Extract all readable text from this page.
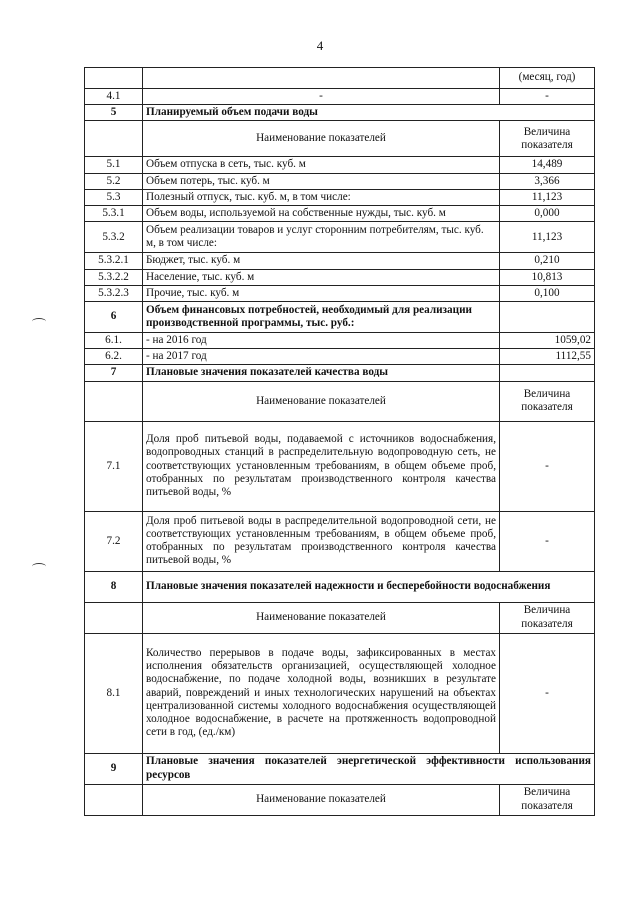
4
		(месяц, год)
4.1	-	-
5	Планируемый объем подачи воды	
	Наименование показателей	Величина
показателя

5.1	Объем отпуска в сеть, тыс. куб. м	14,489
5.2	Объем потерь, тыс. куб. м	3,366
5.3	Полезный отпуск, тыс. куб. м, в том числе:	11,123
5.3.1	Объем воды, используемой на собственные нужды, тыс. куб. м	0,000
5.3.2	Объем реализации товаров и услуг сторонним потребителям, тыс. куб. м, в том числе:	11,123
5.3.2.1	Бюджет, тыс. куб. м	0,210
5.3.2.2	Население, тыс. куб. м	10,813
5.3.2.3	Прочие, тыс. куб. м	0,100
6	Объем финансовых потребностей, необходимый для реализации производственной программы, тыс. руб.:	
6.1.	- на 2016 год	1059,02
6.2.	- на 2017 год	1112,55
7	Плановые значения показателей качества воды	
	Наименование показателей	Величина
показателя

7.1	Доля проб питьевой воды, подаваемой с источников водоснабжения, водопроводных станций в распределительную водопроводную сеть, не соответствующих установленным требованиям, в общем объеме проб, отобранных по результатам производственного контроля качества питьевой воды, %	-
7.2	Доля проб питьевой воды в распределительной водопроводной сети, не соответствующих установленным требованиям, в общем объеме проб, отобранных по результатам производственного контроля качества питьевой воды, %	-
8	Плановые значения показателей надежности и бесперебойности водоснабжения	
	Наименование показателей	Величина
показателя

8.1	Количество перерывов в подаче воды, зафиксированных в местах исполнения обязательств организацией, осуществляющей холодное водоснабжение, по подаче холодной воды, возникших в результате аварий, повреждений и иных технологических нарушений на объектах централизованной системы холодного водоснабжения осуществляющей холодное водоснабжение, в расчете на протяженность водопроводной сети в год, (ед./км)	-
9	Плановые значения показателей энергетической эффективности использования ресурсов	
	Наименование показателей	Величина
показателя
